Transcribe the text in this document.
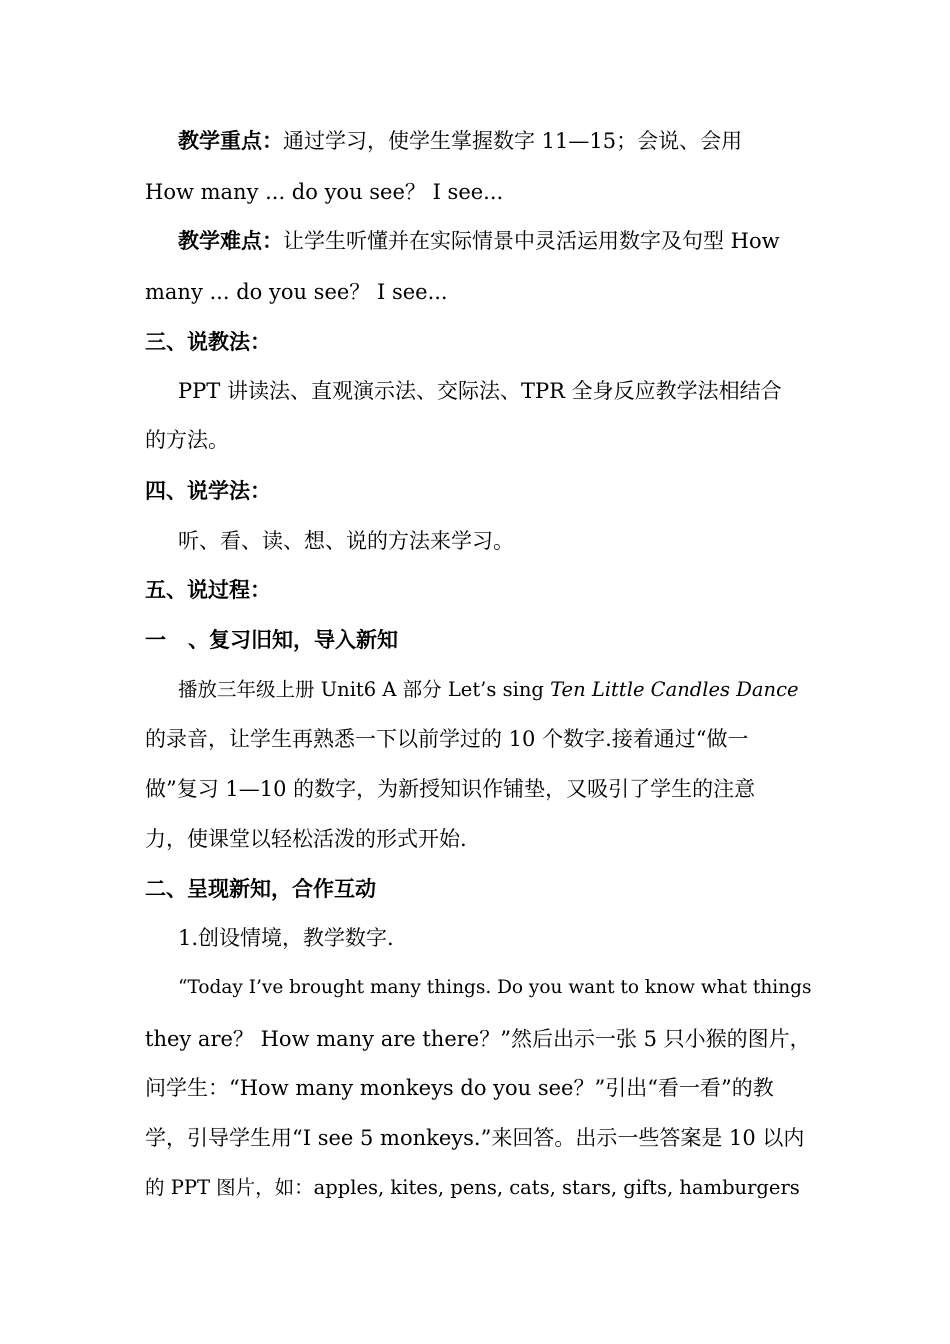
教学重点：通过学习，使学生掌握数字 11—15；会说、会用
How many ... do you see？ I see...
教学难点：让学生听懂并在实际情景中灵活运用数字及句型 How
many ... do you see？ I see...
三、说教法：
PPT 讲读法、直观演示法、交际法、TPR 全身反应教学法相结合
的方法。
四、说学法：
听、看、读、想、说的方法来学习。
五、说过程：
一 、复习旧知，导入新知
播放三年级上册 Unit6 A 部分 Let’s sing Ten Little Candles Dance
的录音，让学生再熟悉一下以前学过的 10 个数字.接着通过“做一
做”复习 1—10 的数字，为新授知识作铺垫，又吸引了学生的注意
力，使课堂以轻松活泼的形式开始.
二、呈现新知，合作互动
1.创设情境，教学数字.
“Today I’ve brought many things. Do you want to know what things
they are？ How many are there？”然后出示一张 5 只小猴的图片，
问学生：“How many monkeys do you see？”引出“看一看”的教
学，引导学生用“I see 5 monkeys.”来回答。出示一些答案是 10 以内
的 PPT 图片，如：apples, kites, pens, cats, stars, gifts, hamburgers
